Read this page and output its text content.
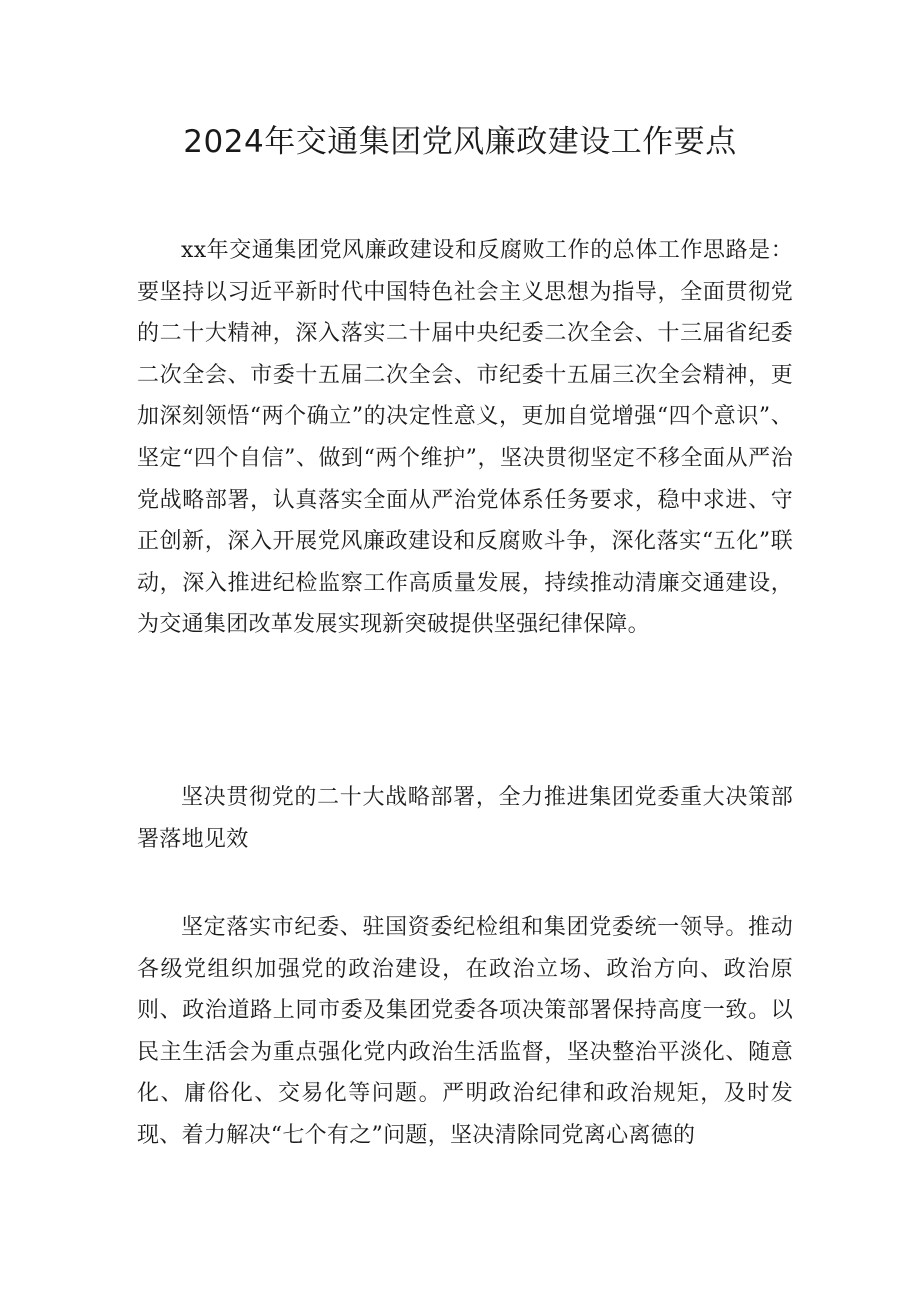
2024年交通集团党风廉政建设工作要点

xx年交通集团党风廉政建设和反腐败工作的总体工作思路是：要坚持以习近平新时代中国特色社会主义思想为指导，全面贯彻党的二十大精神，深入落实二十届中央纪委二次全会、十三届省纪委二次全会、市委十五届二次全会、市纪委十五届三次全会精神，更加深刻领悟“两个确立”的决定性意义，更加自觉增强“四个意识”、坚定“四个自信”、做到“两个维护”，坚决贯彻坚定不移全面从严治党战略部署，认真落实全面从严治党体系任务要求，稳中求进、守正创新，深入开展党风廉政建设和反腐败斗争，深化落实“五化”联动，深入推进纪检监察工作高质量发展，持续推动清廉交通建设，为交通集团改革发展实现新突破提供坚强纪律保障。

坚决贯彻党的二十大战略部署，全力推进集团党委重大决策部署落地见效

坚定落实市纪委、驻国资委纪检组和集团党委统一领导。推动各级党组织加强党的政治建设，在政治立场、政治方向、政治原则、政治道路上同市委及集团党委各项决策部署保持高度一致。以民主生活会为重点强化党内政治生活监督，坚决整治平淡化、随意化、庸俗化、交易化等问题。严明政治纪律和政治规矩，及时发现、着力解决“七个有之”问题，坚决清除同党离心离德的
